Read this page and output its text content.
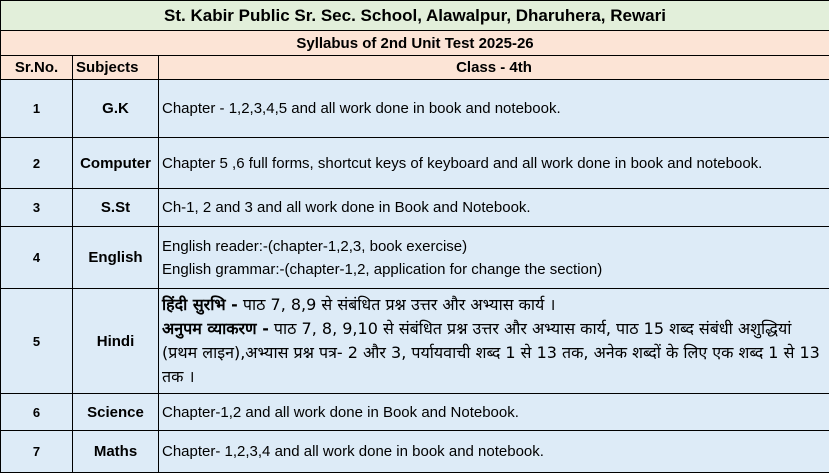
St. Kabir Public Sr. Sec. School, Alawalpur, Dharuhera, Rewari		
Syllabus of 2nd Unit Test 2025-26		
Sr.No.	Subjects	Class - 4th
1	G.K	Chapter - 1,2,3,4,5 and all work done in book and notebook.

2	Computer	Chapter 5 ,6 full forms, shortcut keys of keyboard and all work done in book and notebook.

3	S.St	Ch-1, 2 and 3 and all work done in Book and Notebook.

4	English	English reader:-(chapter-1,2,3, book exercise)
English grammar:-(chapter-1,2, application for change the section)

5	Hindi	हिंदी सुरभि - पाठ 7, 8,9 से संबंधित प्रश्न उत्तर और अभ्यास कार्य ।
अनुपम व्याकरण - पाठ 7, 8, 9,10 से संबंधित प्रश्न उत्तर और अभ्यास कार्य, पाठ 15 शब्द संबंधी अशुद्धियां (प्रथम लाइन),अभ्यास प्रश्न पत्र- 2 और 3, पर्यायवाची शब्द 1 से 13 तक, अनेक शब्दों के लिए एक शब्द 1 से 13 तक ।

6	Science	Chapter-1,2 and all work done in Book and Notebook.

7	Maths	Chapter- 1,2,3,4 and all work done in book and notebook.
